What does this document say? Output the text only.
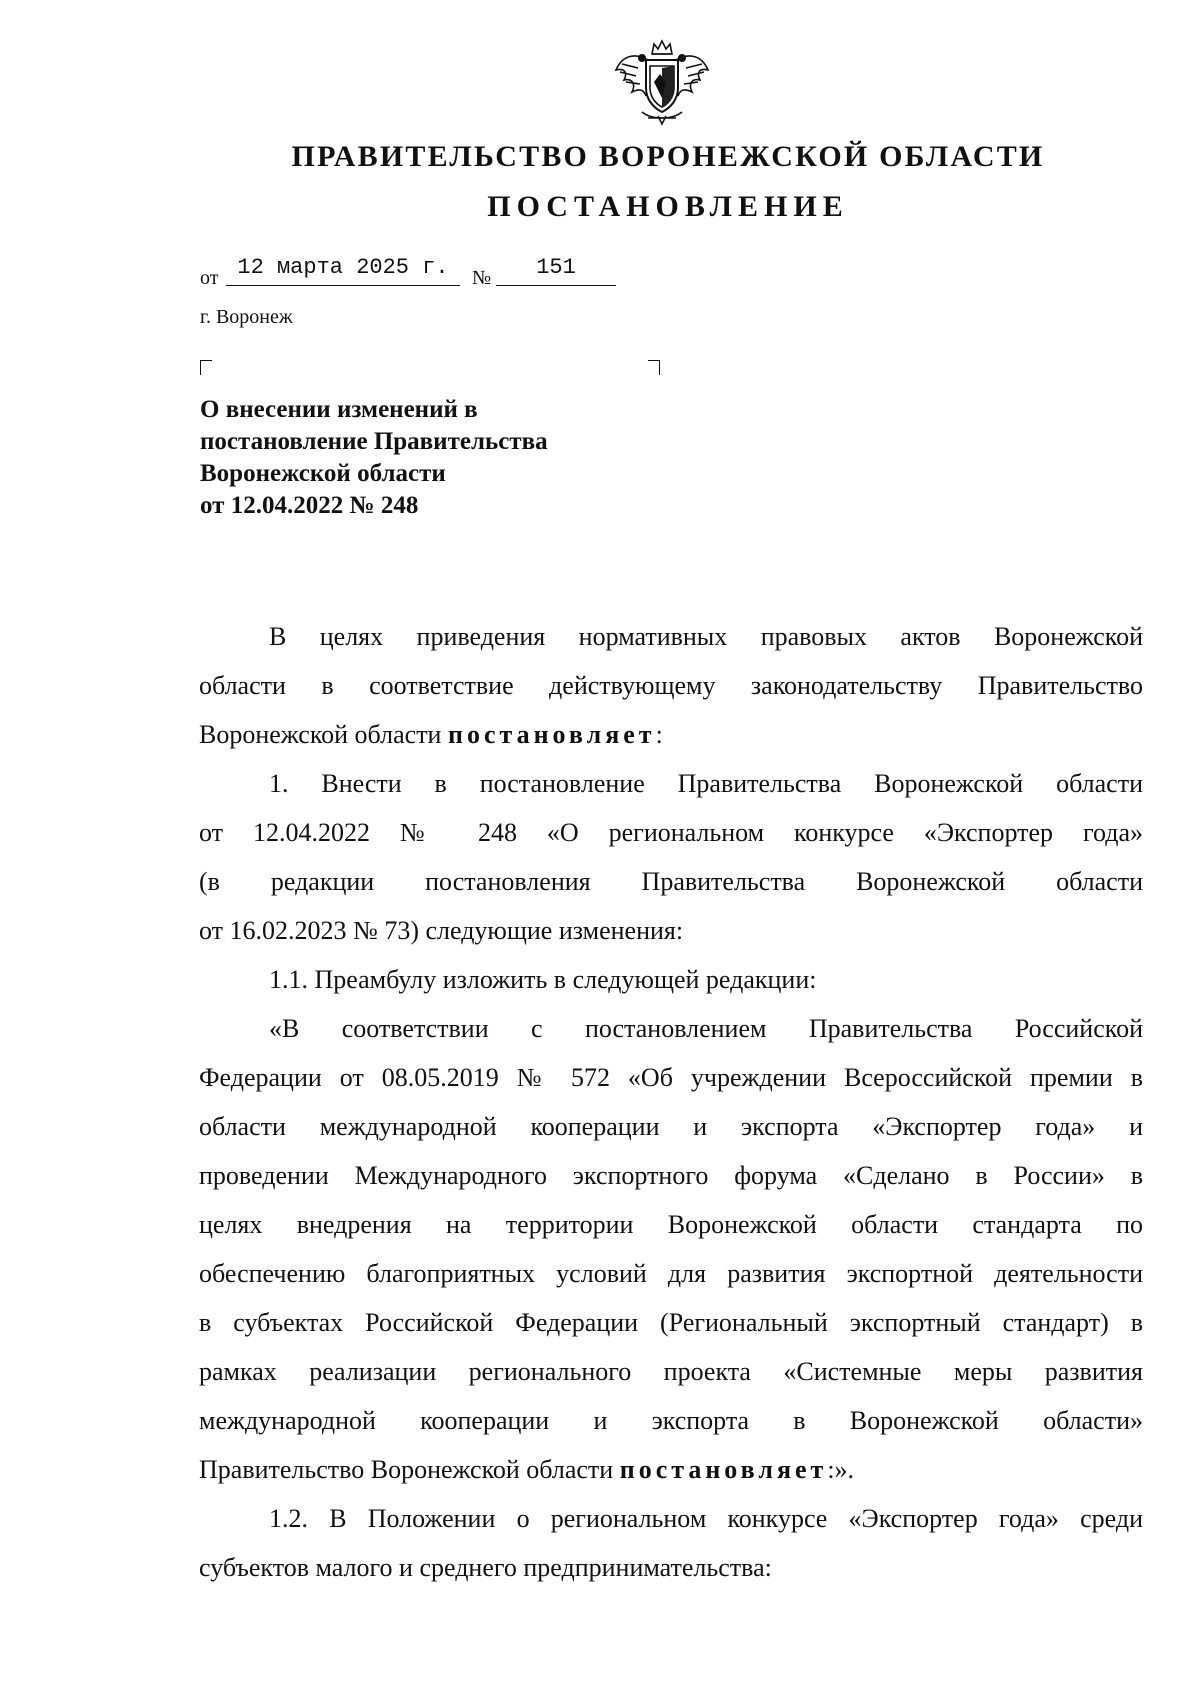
ПРАВИТЕЛЬСТВО ВОРОНЕЖСКОЙ ОБЛАСТИ
ПОСТАНОВЛЕНИЕ
от 12 марта 2025 г.	№	151
г. Воронеж
О внесении изменений в
постановление Правительства
Воронежской области
от 12.04.2022 № 248
В целях приведения нормативных правовых актов Воронежской
области в соответствие действующему законодательству Правительство
Воронежской области постановляет:
1. Внести в постановление Правительства Воронежской области
от 12.04.2022 № 248 «О региональном конкурсе «Экспортер года»
(в редакции постановления Правительства Воронежской области
от 16.02.2023 № 73) следующие изменения:
1.1. Преамбулу изложить в следующей редакции:
«В соответствии с постановлением Правительства Российской
Федерации от 08.05.2019 № 572 «Об учреждении Всероссийской премии в
области международной кооперации и экспорта «Экспортер года» и
проведении Международного экспортного форума «Сделано в России» в
целях внедрения на территории Воронежской области стандарта по
обеспечению благоприятных условий для развития экспортной деятельности
в субъектах Российской Федерации (Региональный экспортный стандарт) в
рамках реализации регионального проекта «Системные меры развития
международной кооперации и экспорта в Воронежской области»
Правительство Воронежской области постановляет:».
1.2. В Положении о региональном конкурсе «Экспортер года» среди
субъектов малого и среднего предпринимательства:
